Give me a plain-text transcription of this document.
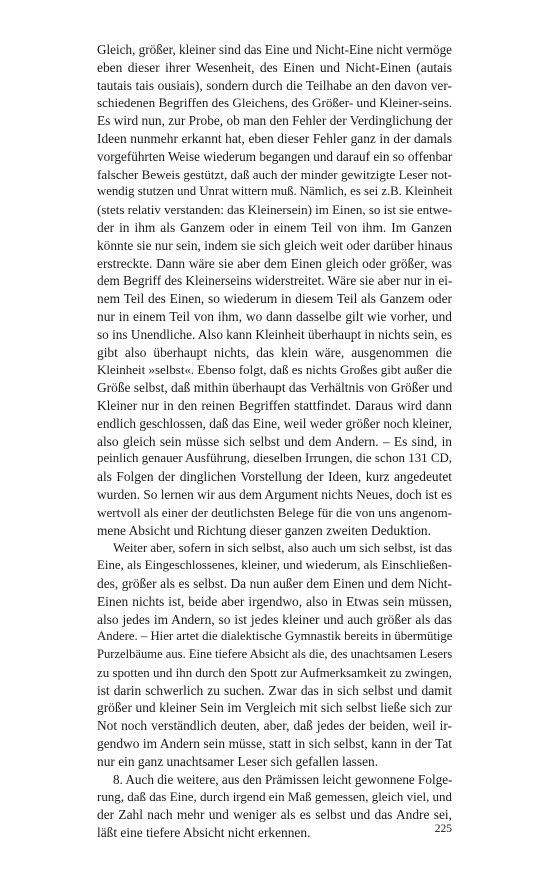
Gleich, größer, kleiner sind das Eine und Nicht-Eine nicht vermöge
eben dieser ihrer Wesenheit, des Einen und Nicht-Einen (autais
tautais tais ousiais), sondern durch die Teilhabe an den davon ver-
schiedenen Begriffen des Gleichens, des Größer- und Kleiner-seins.
Es wird nun, zur Probe, ob man den Fehler der Verdinglichung der
Ideen nunmehr erkannt hat, eben dieser Fehler ganz in der damals
vorgeführten Weise wiederum begangen und darauf ein so offenbar
falscher Beweis gestützt, daß auch der minder gewitzigte Leser not-
wendig stutzen und Unrat wittern muß. Nämlich, es sei z.B. Kleinheit
(stets relativ verstanden: das Kleinersein) im Einen, so ist sie entwe-
der in ihm als Ganzem oder in einem Teil von ihm. Im Ganzen
könnte sie nur sein, indem sie sich gleich weit oder darüber hinaus
erstreckte. Dann wäre sie aber dem Einen gleich oder größer, was
dem Begriff des Kleinerseins widerstreitet. Wäre sie aber nur in ei-
nem Teil des Einen, so wiederum in diesem Teil als Ganzem oder
nur in einem Teil von ihm, wo dann dasselbe gilt wie vorher, und
so ins Unendliche. Also kann Kleinheit überhaupt in nichts sein, es
gibt also überhaupt nichts, das klein wäre, ausgenommen die
Kleinheit »selbst«. Ebenso folgt, daß es nichts Großes gibt außer die
Größe selbst, daß mithin überhaupt das Verhältnis von Größer und
Kleiner nur in den reinen Begriffen stattfindet. Daraus wird dann
endlich geschlossen, daß das Eine, weil weder größer noch kleiner,
also gleich sein müsse sich selbst und dem Andern. – Es sind, in
peinlich genauer Ausführung, dieselben Irrungen, die schon 131 CD,
als Folgen der dinglichen Vorstellung der Ideen, kurz angedeutet
wurden. So lernen wir aus dem Argument nichts Neues, doch ist es
wertvoll als einer der deutlichsten Belege für die von uns angenom-
mene Absicht und Richtung dieser ganzen zweiten Deduktion.
Weiter aber, sofern in sich selbst, also auch um sich selbst, ist das
Eine, als Eingeschlossenes, kleiner, und wiederum, als Einschließen-
des, größer als es selbst. Da nun außer dem Einen und dem Nicht-
Einen nichts ist, beide aber irgendwo, also in Etwas sein müssen,
also jedes im Andern, so ist jedes kleiner und auch größer als das
Andere. – Hier artet die dialektische Gymnastik bereits in übermütige
Purzelbäume aus. Eine tiefere Absicht als die, des unachtsamen Lesers
zu spotten und ihn durch den Spott zur Aufmerksamkeit zu zwingen,
ist darin schwerlich zu suchen. Zwar das in sich selbst und damit
größer und kleiner Sein im Vergleich mit sich selbst ließe sich zur
Not noch verständlich deuten, aber, daß jedes der beiden, weil ir-
gendwo im Andern sein müsse, statt in sich selbst, kann in der Tat
nur ein ganz unachtsamer Leser sich gefallen lassen.
8. Auch die weitere, aus den Prämissen leicht gewonnene Folge-
rung, daß das Eine, durch irgend ein Maß gemessen, gleich viel, und
der Zahl nach mehr und weniger als es selbst und das Andre sei,
läßt eine tiefere Absicht nicht erkennen.	225
